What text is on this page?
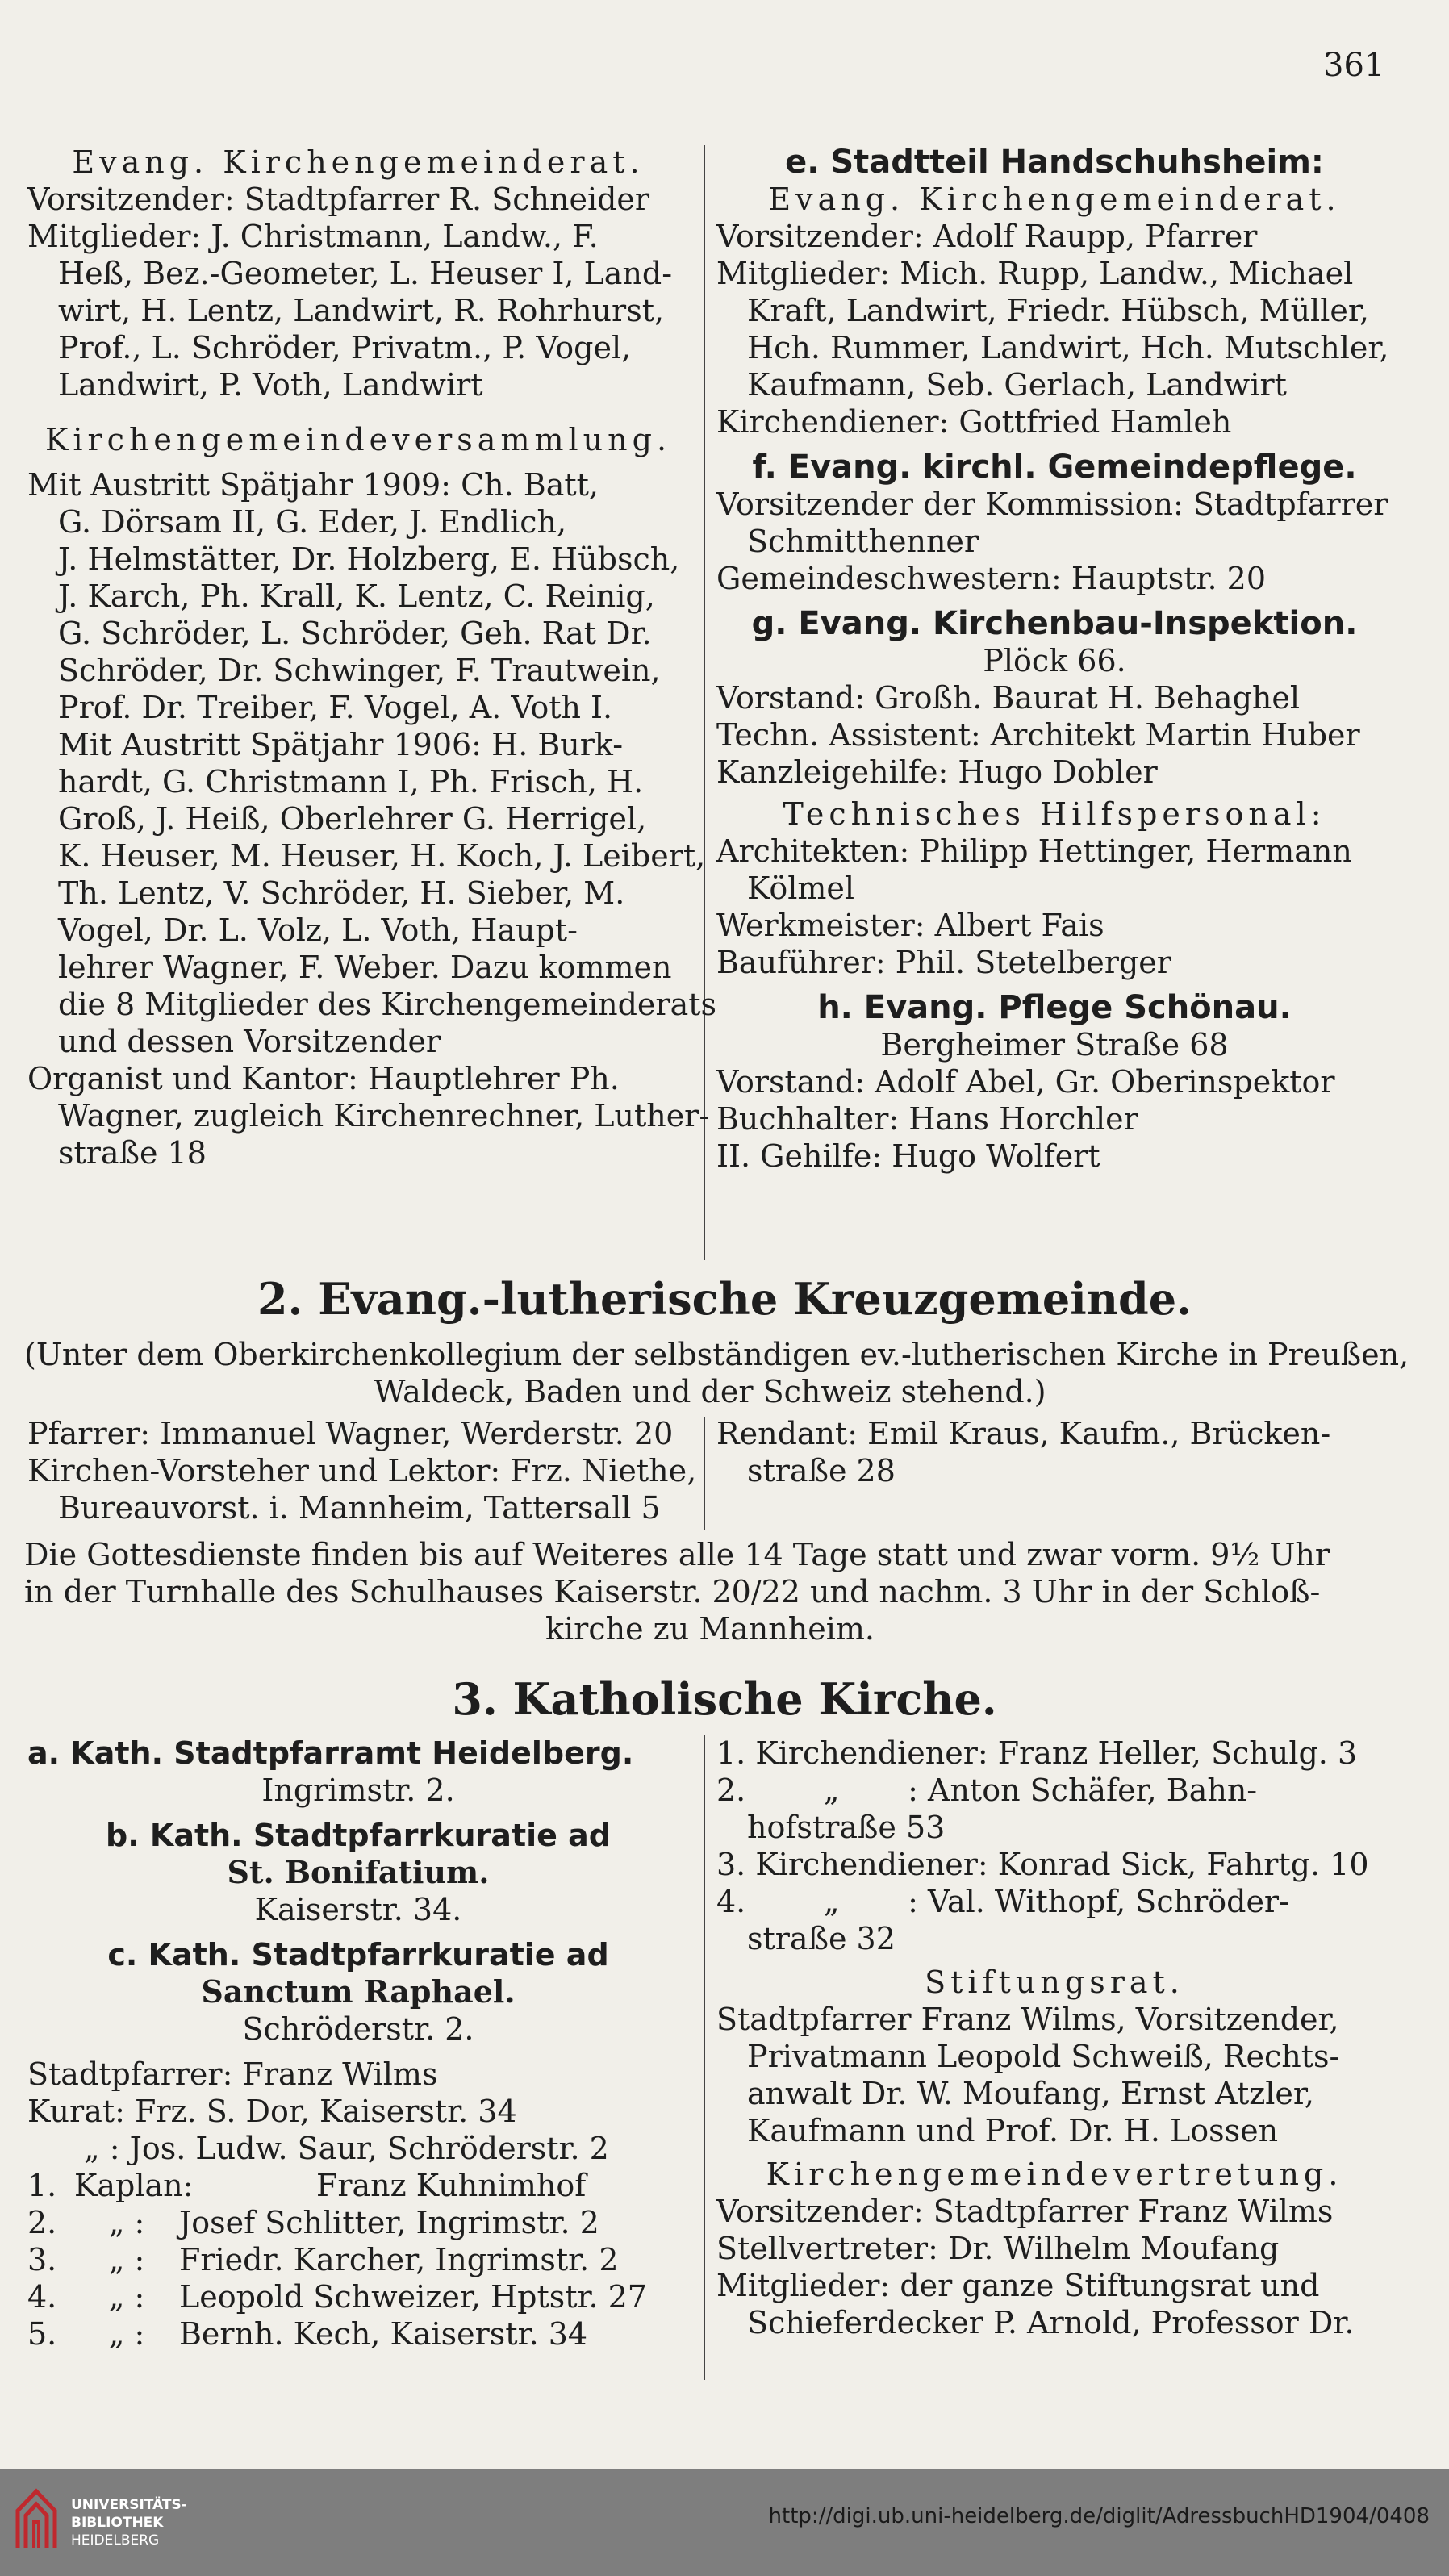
361
Evang. Kirchengemeinderat.
Vorsitzender: Stadtpfarrer R. Schneider
Mitglieder: J. Christmann, Landw., F.
Heß, Bez.-Geometer, L. Heuser I, Land-
wirt, H. Lentz, Landwirt, R. Rohrhurst,
Prof., L. Schröder, Privatm., P. Vogel,
Landwirt, P. Voth, Landwirt
Kirchengemeindeversammlung.
Mit Austritt Spätjahr 1909: Ch. Batt,
G. Dörsam II, G. Eder, J. Endlich,
J. Helmstätter, Dr. Holzberg, E. Hübsch,
J. Karch, Ph. Krall, K. Lentz, C. Reinig,
G. Schröder, L. Schröder, Geh. Rat Dr.
Schröder, Dr. Schwinger, F. Trautwein,
Prof. Dr. Treiber, F. Vogel, A. Voth I.
Mit Austritt Spätjahr 1906: H. Burk-
hardt, G. Christmann I, Ph. Frisch, H.
Groß, J. Heiß, Oberlehrer G. Herrigel,
K. Heuser, M. Heuser, H. Koch, J. Leibert,
Th. Lentz, V. Schröder, H. Sieber, M.
Vogel, Dr. L. Volz, L. Voth, Haupt-
lehrer Wagner, F. Weber. Dazu kommen
die 8 Mitglieder des Kirchengemeinderats
und dessen Vorsitzender
Organist und Kantor: Hauptlehrer Ph.
Wagner, zugleich Kirchenrechner, Luther-
straße 18
e. Stadtteil Handschuhsheim:
Evang. Kirchengemeinderat.
Vorsitzender: Adolf Raupp, Pfarrer
Mitglieder: Mich. Rupp, Landw., Michael
Kraft, Landwirt, Friedr. Hübsch, Müller,
Hch. Rummer, Landwirt, Hch. Mutschler,
Kaufmann, Seb. Gerlach, Landwirt
Kirchendiener: Gottfried Hamleh
f. Evang. kirchl. Gemeindepflege.
Vorsitzender der Kommission: Stadtpfarrer
Schmitthenner
Gemeindeschwestern: Hauptstr. 20
g. Evang. Kirchenbau-Inspektion.
Plöck 66.
Vorstand: Großh. Baurat H. Behaghel
Techn. Assistent: Architekt Martin Huber
Kanzleigehilfe: Hugo Dobler
Technisches Hilfspersonal:
Architekten: Philipp Hettinger, Hermann
Kölmel
Werkmeister: Albert Fais
Bauführer: Phil. Stetelberger
h. Evang. Pflege Schönau.
Bergheimer Straße 68
Vorstand: Adolf Abel, Gr. Oberinspektor
Buchhalter: Hans Horchler
II. Gehilfe: Hugo Wolfert
2. Evang.-lutherische Kreuzgemeinde.
(Unter dem Oberkirchenkollegium der selbständigen ev.-lutherischen Kirche in Preußen,
Waldeck, Baden und der Schweiz stehend.)
Pfarrer: Immanuel Wagner, Werderstr. 20
Kirchen-Vorsteher und Lektor: Frz. Niethe,
Bureauvorst. i. Mannheim, Tattersall 5
Rendant: Emil Kraus, Kaufm., Brücken-
straße 28
Die Gottesdienste finden bis auf Weiteres alle 14 Tage statt und zwar vorm. 9½ Uhr
in der Turnhalle des Schulhauses Kaiserstr. 20/22 und nachm. 3 Uhr in der Schloß-
kirche zu Mannheim.
3. Katholische Kirche.
a. Kath. Stadtpfarramt Heidelberg.
Ingrimstr. 2.
b. Kath. Stadtpfarrkuratie ad
St. Bonifatium.
Kaiserstr. 34.
c. Kath. Stadtpfarrkuratie ad
Sanctum Raphael.
Schröderstr. 2.
Stadtpfarrer: Franz Wilms
Kurat: Frz. S. Dor, Kaiserstr. 34
„ : Jos. Ludw. Saur, Schröderstr. 2
1. Kaplan:	Franz Kuhnimhof
2.	„ :	Josef Schlitter, Ingrimstr. 2
3.	„ :	Friedr. Karcher, Ingrimstr. 2
4.	„ :	Leopold Schweizer, Hptstr. 27
5.	„ :	Bernh. Kech, Kaiserstr. 34
1. Kirchendiener: Franz Heller, Schulg. 3
2.        „       : Anton Schäfer, Bahn-
hofstraße 53
3. Kirchendiener: Konrad Sick, Fahrtg. 10
4.        „       : Val. Withopf, Schröder-
straße 32
Stiftungsrat.
Stadtpfarrer Franz Wilms, Vorsitzender,
Privatmann Leopold Schweiß, Rechts-
anwalt Dr. W. Moufang, Ernst Atzler,
Kaufmann und Prof. Dr. H. Lossen
Kirchengemeindevertretung.
Vorsitzender: Stadtpfarrer Franz Wilms
Stellvertreter: Dr. Wilhelm Moufang
Mitglieder: der ganze Stiftungsrat und
Schieferdecker P. Arnold, Professor Dr.
UNIVERSITÄTS-
BIBLIOTHEK
HEIDELBERG
http://digi.ub.uni-heidelberg.de/diglit/AdressbuchHD1904/0408
